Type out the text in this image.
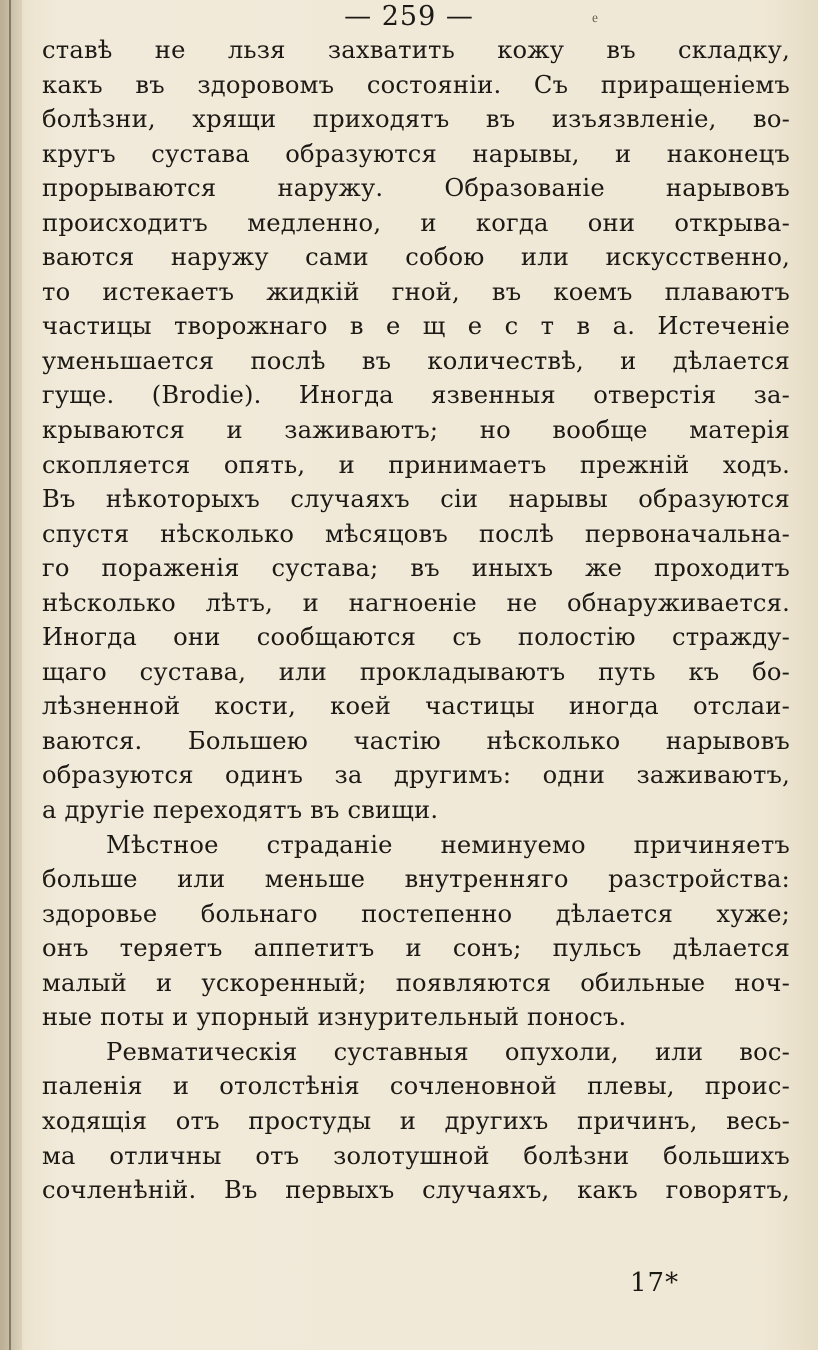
— 259 —
ставѣ не льзя захватить кожу въ складку,
какъ въ здоровомъ состояніи. Съ приращеніемъ
болѣзни, хрящи приходятъ въ изъязвленіе, во-
кругъ сустава образуются нарывы, и наконецъ
прорываются наружу. Образованіе нарывовъ
происходитъ медленно, и когда они открыва-
ваются наружу сами собою или искусственно,
то истекаетъ жидкій гной, въ коемъ плаваютъ
частицы творожнаго в е щ е с т в а. Истеченіе
уменьшается послѣ въ количествѣ, и дѣлается
гуще. (Brodie). Иногда язвенныя отверстія за-
крываются и заживаютъ; но вообще матерія
скопляется опять, и принимаетъ прежній ходъ.
Въ нѣкоторыхъ случаяхъ сіи нарывы образуются
спустя нѣсколько мѣсяцовъ послѣ первоначальна-
го пораженія сустава; въ иныхъ же проходитъ
нѣсколько лѣтъ, и нагноеніе не обнаруживается.
Иногда они сообщаются съ полостію стражду-
щаго сустава, или прокладываютъ путь къ бо-
лѣзненной кости, коей частицы иногда отслаи-
ваются. Большею частію нѣсколько нарывовъ
образуются одинъ за другимъ: одни заживаютъ,
а другіе переходятъ въ свищи.
Мѣстное страданіе неминуемо причиняетъ
больше или меньше внутренняго разстройства:
здоровье больнаго постепенно дѣлается хуже;
онъ теряетъ аппетитъ и сонъ; пульсъ дѣлается
малый и ускоренный; появляются обильные ноч-
ные поты и упорный изнурительный поносъ.
Ревматическія суставныя опухоли, или вос-
паленія и отолстѣнія сочленовной плевы, проис-
ходящія отъ простуды и другихъ причинъ, весь-
ма отличны отъ золотушной болѣзни большихъ
сочленѣній. Въ первыхъ случаяхъ, какъ говорятъ,
17*
